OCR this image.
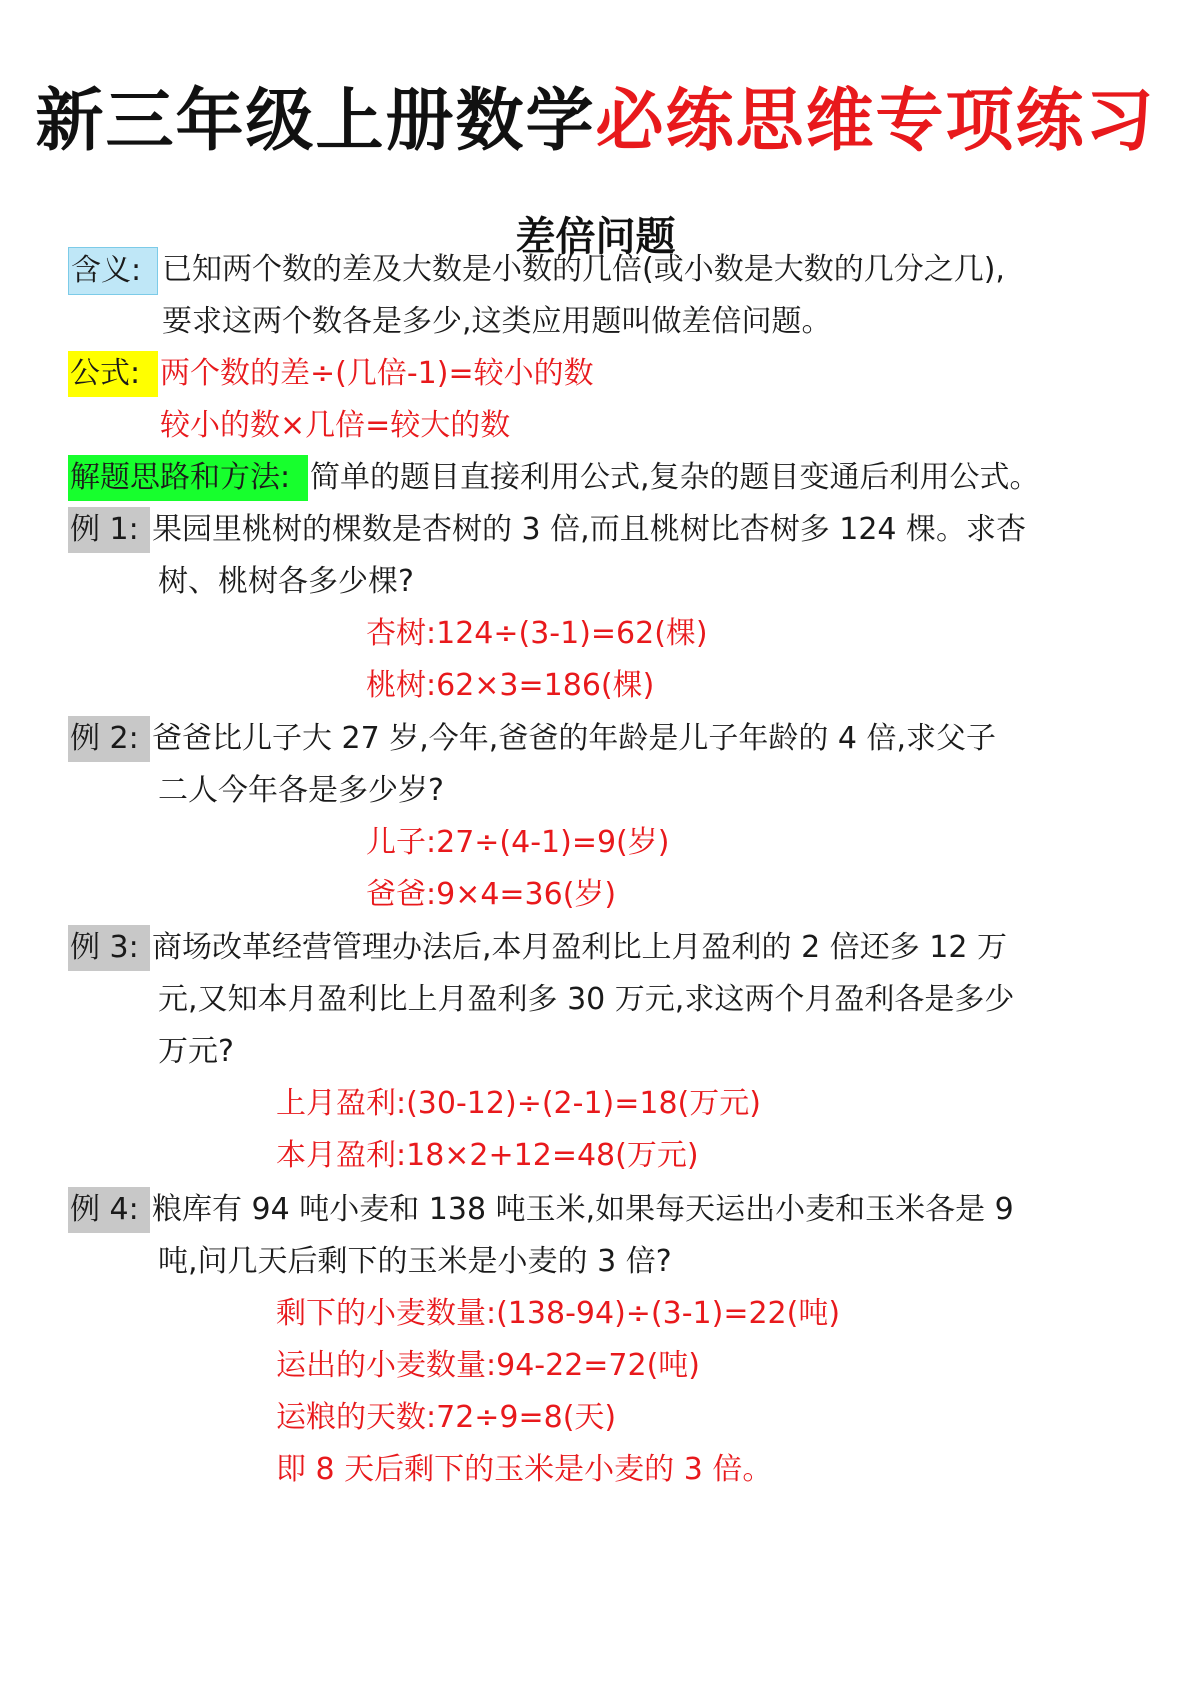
新三年级上册数学必练思维专项练习
差倍问题
含义: 已知两个数的差及大数是小数的几倍(或小数是大数的几分之几),
要求这两个数各是多少,这类应用题叫做差倍问题。
公式: 两个数的差÷(几倍-1)=较小的数
较小的数×几倍=较大的数
解题思路和方法: 简单的题目直接利用公式,复杂的题目变通后利用公式。
例 1: 果园里桃树的棵数是杏树的 3 倍,而且桃树比杏树多 124 棵。求杏
树、桃树各多少棵?
杏树:124÷(3-1)=62(棵)
桃树:62×3=186(棵)
例 2: 爸爸比儿子大 27 岁,今年,爸爸的年龄是儿子年龄的 4 倍,求父子
二人今年各是多少岁?
儿子:27÷(4-1)=9(岁)
爸爸:9×4=36(岁)
例 3: 商场改革经营管理办法后,本月盈利比上月盈利的 2 倍还多 12 万
元,又知本月盈利比上月盈利多 30 万元,求这两个月盈利各是多少
万元?
上月盈利:(30-12)÷(2-1)=18(万元)
本月盈利:18×2+12=48(万元)
例 4: 粮库有 94 吨小麦和 138 吨玉米,如果每天运出小麦和玉米各是 9
吨,问几天后剩下的玉米是小麦的 3 倍?
剩下的小麦数量:(138-94)÷(3-1)=22(吨)
运出的小麦数量:94-22=72(吨)
运粮的天数:72÷9=8(天)
即 8 天后剩下的玉米是小麦的 3 倍。
